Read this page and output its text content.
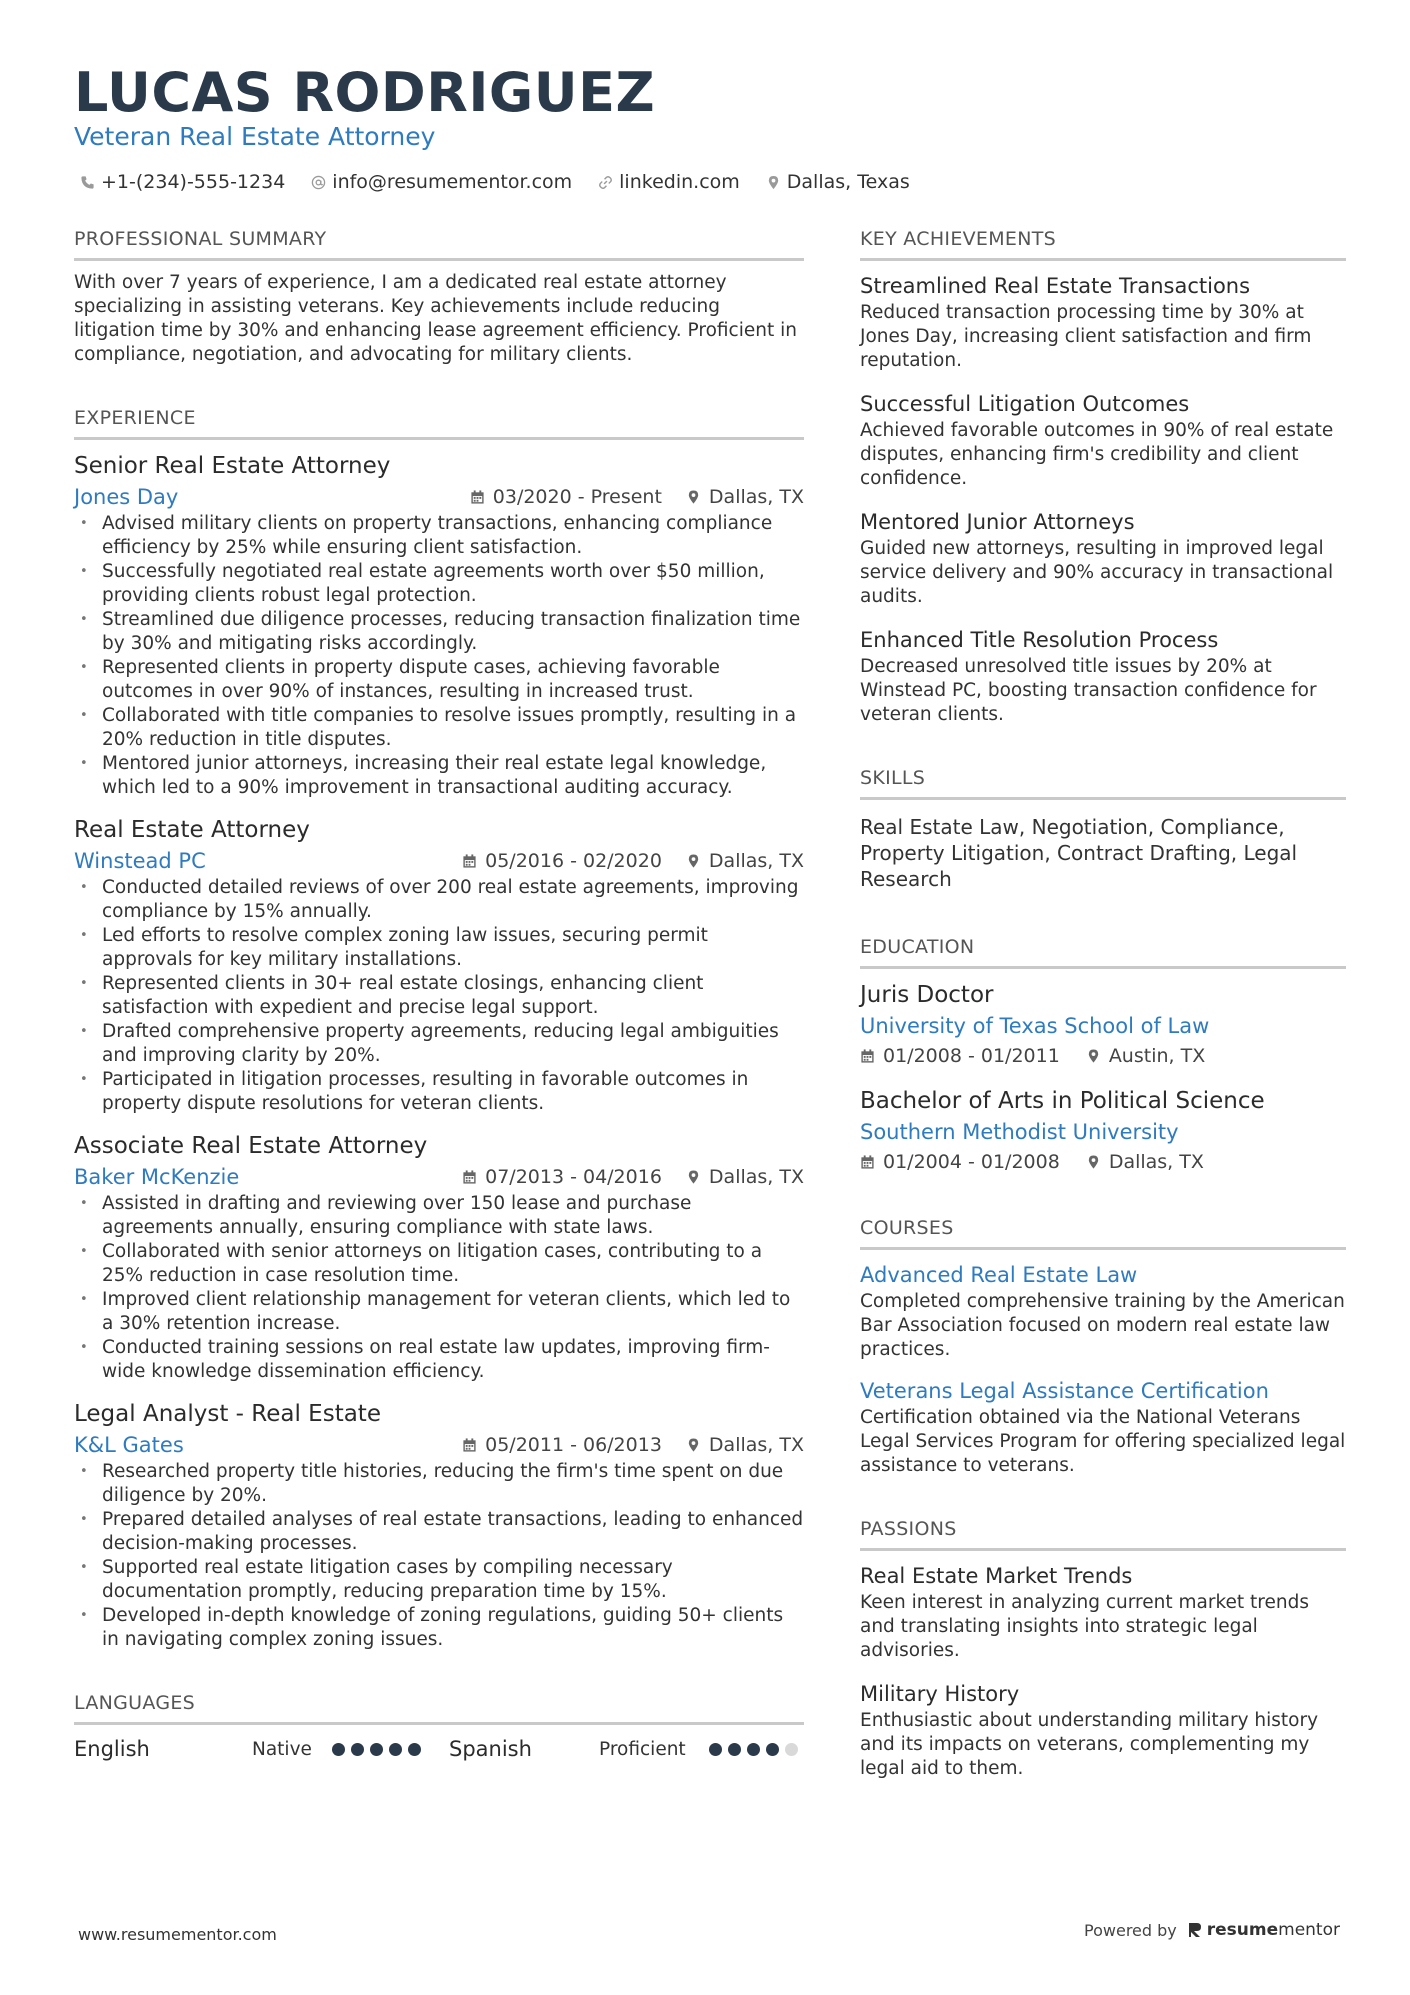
LUCAS RODRIGUEZ
Veteran Real Estate Attorney
+1-(234)-555-1234 info@resumementor.com linkedin.com Dallas, Texas
PROFESSIONAL SUMMARY
With over 7 years of experience, I am a dedicated real estate attorney specializing in assisting veterans. Key achievements include reducing litigation time by 30% and enhancing lease agreement efficiency. Proficient in compliance, negotiation, and advocating for military clients.
EXPERIENCE
Senior Real Estate Attorney
Jones Day	03/2020 - Present Dallas, TX
• Advised military clients on property transactions, enhancing compliance efficiency by 25% while ensuring client satisfaction.
• Successfully negotiated real estate agreements worth over $50 million, providing clients robust legal protection.
• Streamlined due diligence processes, reducing transaction finalization time by 30% and mitigating risks accordingly.
• Represented clients in property dispute cases, achieving favorable outcomes in over 90% of instances, resulting in increased trust.
• Collaborated with title companies to resolve issues promptly, resulting in a 20% reduction in title disputes.
• Mentored junior attorneys, increasing their real estate legal knowledge, which led to a 90% improvement in transactional auditing accuracy.
Real Estate Attorney
Winstead PC	05/2016 - 02/2020 Dallas, TX
• Conducted detailed reviews of over 200 real estate agreements, improving compliance by 15% annually.
• Led efforts to resolve complex zoning law issues, securing permit approvals for key military installations.
• Represented clients in 30+ real estate closings, enhancing client satisfaction with expedient and precise legal support.
• Drafted comprehensive property agreements, reducing legal ambiguities and improving clarity by 20%.
• Participated in litigation processes, resulting in favorable outcomes in property dispute resolutions for veteran clients.
Associate Real Estate Attorney
Baker McKenzie	07/2013 - 04/2016 Dallas, TX
• Assisted in drafting and reviewing over 150 lease and purchase agreements annually, ensuring compliance with state laws.
• Collaborated with senior attorneys on litigation cases, contributing to a 25% reduction in case resolution time.
• Improved client relationship management for veteran clients, which led to a 30% retention increase.
• Conducted training sessions on real estate law updates, improving firm-wide knowledge dissemination efficiency.
Legal Analyst - Real Estate
K&L Gates	05/2011 - 06/2013 Dallas, TX
• Researched property title histories, reducing the firm's time spent on due diligence by 20%.
• Prepared detailed analyses of real estate transactions, leading to enhanced decision-making processes.
• Supported real estate litigation cases by compiling necessary documentation promptly, reducing preparation time by 15%.
• Developed in-depth knowledge of zoning regulations, guiding 50+ clients in navigating complex zoning issues.
LANGUAGES
English	Native	Spanish	Proficient
KEY ACHIEVEMENTS
Streamlined Real Estate Transactions
Reduced transaction processing time by 30% at Jones Day, increasing client satisfaction and firm reputation.
Successful Litigation Outcomes
Achieved favorable outcomes in 90% of real estate disputes, enhancing firm's credibility and client confidence.
Mentored Junior Attorneys
Guided new attorneys, resulting in improved legal service delivery and 90% accuracy in transactional audits.
Enhanced Title Resolution Process
Decreased unresolved title issues by 20% at Winstead PC, boosting transaction confidence for veteran clients.
SKILLS
Real Estate Law, Negotiation, Compliance, Property Litigation, Contract Drafting, Legal Research
EDUCATION
Juris Doctor
University of Texas School of Law
01/2008 - 01/2011	Austin, TX
Bachelor of Arts in Political Science
Southern Methodist University
01/2004 - 01/2008	Dallas, TX
COURSES
Advanced Real Estate Law
Completed comprehensive training by the American Bar Association focused on modern real estate law practices.
Veterans Legal Assistance Certification
Certification obtained via the National Veterans Legal Services Program for offering specialized legal assistance to veterans.
PASSIONS
Real Estate Market Trends
Keen interest in analyzing current market trends and translating insights into strategic legal advisories.
Military History
Enthusiastic about understanding military history and its impacts on veterans, complementing my legal aid to them.
www.resumementor.com	Powered by resume mentor
